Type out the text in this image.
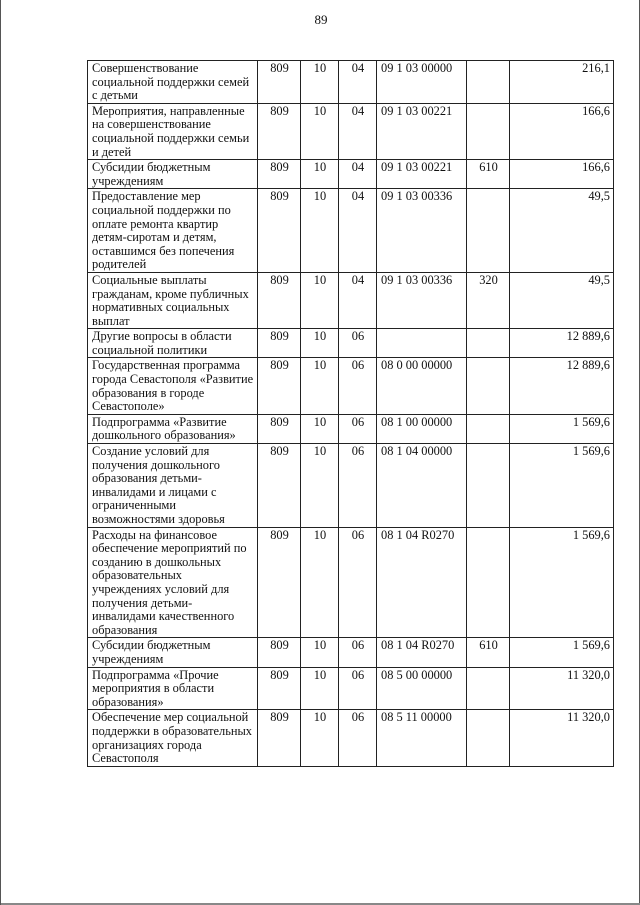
89
Совершенствование социальной поддержки семей с детьми	809	10	04	09 1 03 00000		216,1
Мероприятия, направленные на совершенствование социальной поддержки семьи и детей	809	10	04	09 1 03 00221		166,6
Субсидии бюджетным учреждениям	809	10	04	09 1 03 00221	610	166,6
Предоставление мер социальной поддержки по оплате ремонта квартир детям-сиротам и детям, оставшимся без попечения родителей	809	10	04	09 1 03 00336		49,5
Социальные выплаты гражданам, кроме публичных нормативных социальных выплат	809	10	04	09 1 03 00336	320	49,5
Другие вопросы в области социальной политики	809	10	06			12 889,6
Государственная программа города Севастополя «Развитие образования в городе Севастополе»	809	10	06	08 0 00 00000		12 889,6
Подпрограмма «Развитие дошкольного образования»	809	10	06	08 1 00 00000		1 569,6
Создание условий для получения дошкольного образования детьми-инвалидами и лицами с ограниченными возможностями здоровья	809	10	06	08 1 04 00000		1 569,6
Расходы на финансовое обеспечение мероприятий по созданию в дошкольных образовательных учреждениях условий для получения детьми-инвалидами качественного образования	809	10	06	08 1 04 R0270		1 569,6
Субсидии бюджетным учреждениям	809	10	06	08 1 04 R0270	610	1 569,6
Подпрограмма «Прочие мероприятия в области образования»	809	10	06	08 5 00 00000		11 320,0
Обеспечение мер социальной поддержки в образовательных организациях города Севастополя	809	10	06	08 5 11 00000		11 320,0
